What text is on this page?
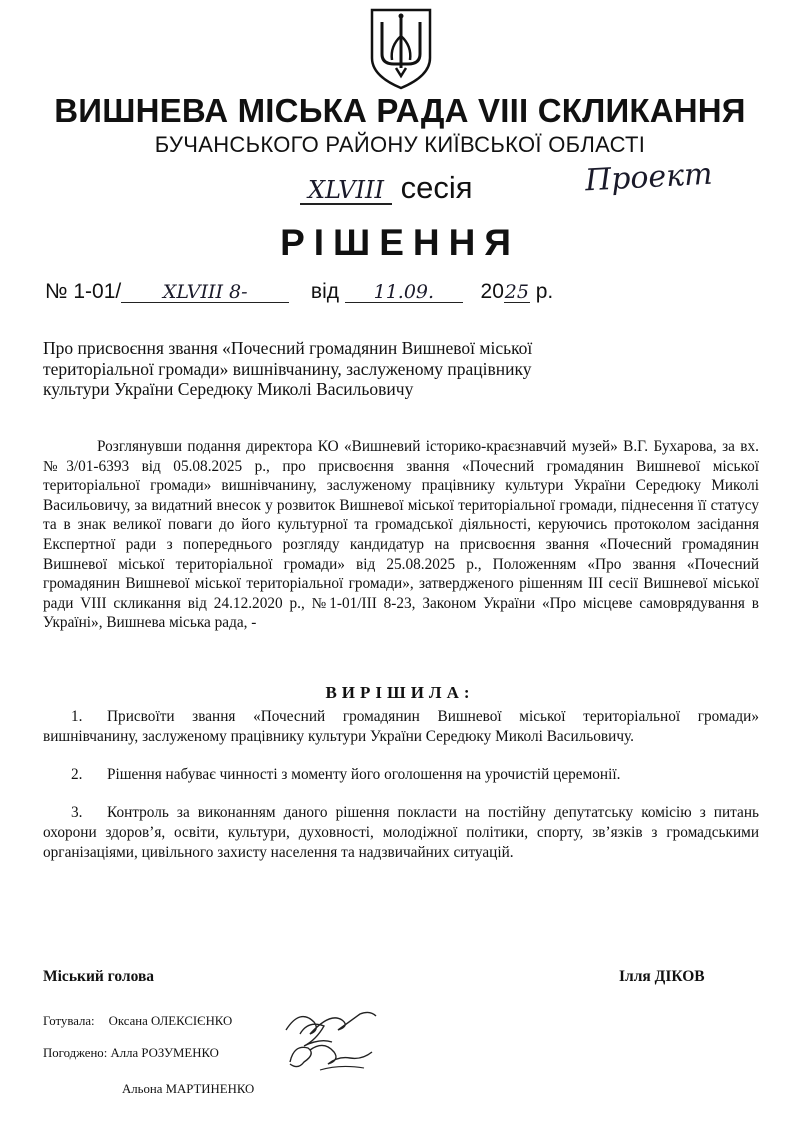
ВИШНЕВА МІСЬКА РАДА VIII СКЛИКАННЯ
БУЧАНСЬКОГО РАЙОНУ КИЇВСЬКОЇ ОБЛАСТІ
XLVIII сесія	Проект
РІШЕННЯ
№ 1-01/ XLVIII 8-	від 11.09. 2025 р.
Про присвоєння звання «Почесний громадянин Вишневої міської територіальної громади» вишнівчанину, заслуженому працівнику культури України Середюку Миколі Васильовичу
Розглянувши подання директора КО «Вишневий історико-краєзнавчий музей» В.Г. Бухарова, за вх. №3/01-6393 від 05.08.2025 р., про присвоєння звання «Почесний громадянин Вишневої міської територіальної громади» вишнівчанину, заслуженому працівнику культури України Середюку Миколі Васильовичу, за видатний внесок у розвиток Вишневої міської територіальної громади, піднесення її статусу та в знак великої поваги до його культурної та громадської діяльності, керуючись протоколом засідання Експертної ради з попереднього розгляду кандидатур на присвоєння звання «Почесний громадянин Вишневої міської територіальної громади» від 25.08.2025 р., Положенням «Про звання «Почесний громадянин Вишневої міської територіальної громади», затвердженого рішенням ІІІ сесії Вишневої міської ради VIII скликання від 24.12.2020 р., №1-01/ІІІ 8-23, Законом України «Про місцеве самоврядування в Україні», Вишнева міська рада, -
ВИРІШИЛА:
1. Присвоїти звання «Почесний громадянин Вишневої міської територіальної громади» вишнівчанину, заслуженому працівнику культури України Середюку Миколі Васильовичу.
2. Рішення набуває чинності з моменту його оголошення на урочистій церемонії.
3. Контроль за виконанням даного рішення покласти на постійну депутатську комісію з питань охорони здоров’я, освіти, культури, духовності, молодіжної політики, спорту, зв’язків з громадськими організаціями, цивільного захисту населення та надзвичайних ситуацій.
Міський голова	Ілля ДІКОВ
Готувала: Оксана ОЛЕКСІЄНКО
Погоджено: Алла РОЗУМЕНКО
Альона МАРТИНЕНКО
